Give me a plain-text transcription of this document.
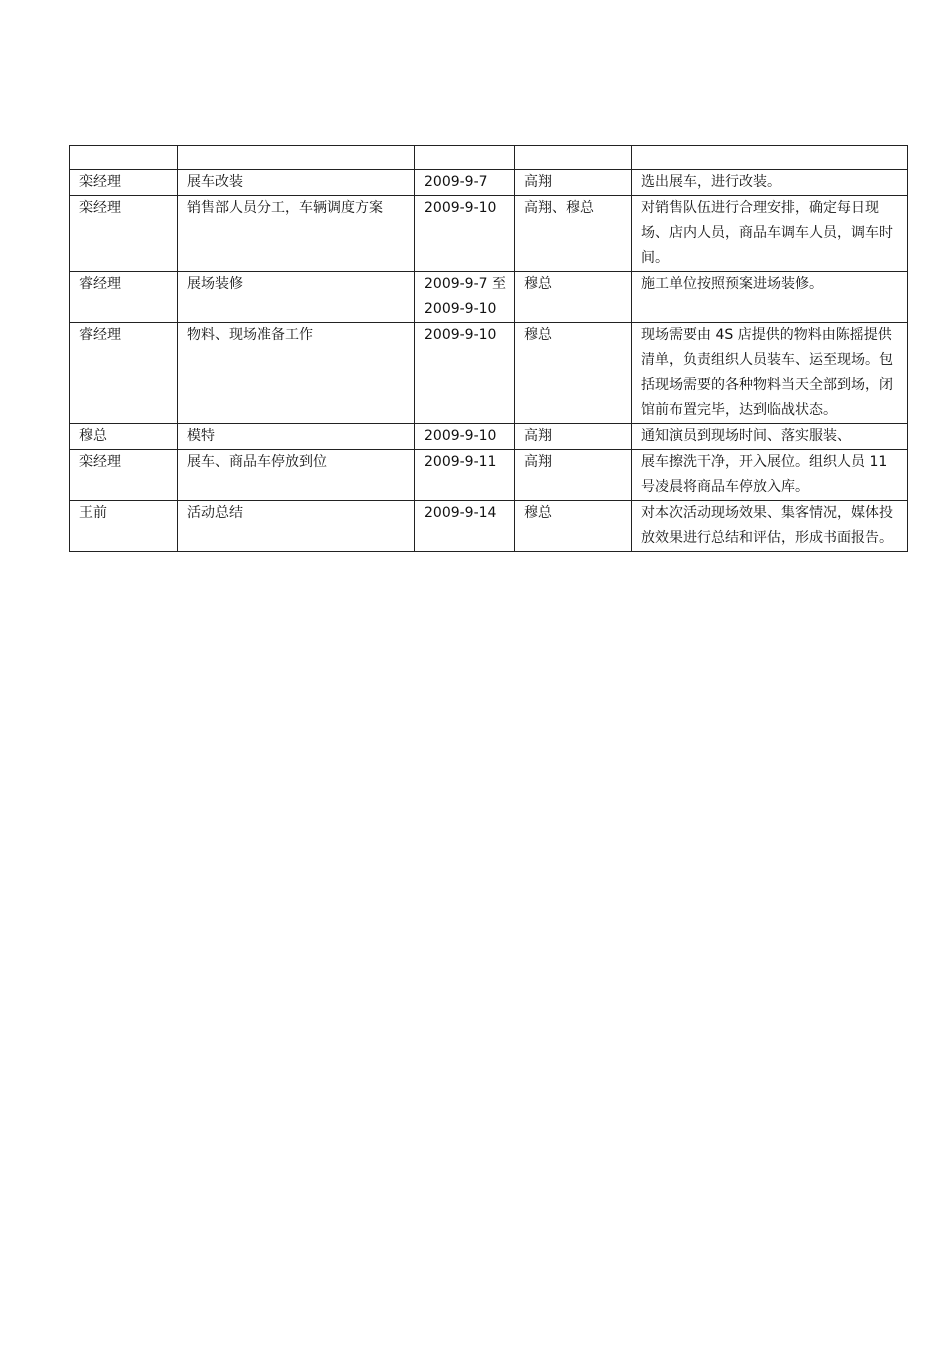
栾经理	展车改装	2009-9-7	高翔	选出展车，进行改装。
栾经理	销售部人员分工，车辆调度方案	2009-9-10	高翔、穆总	对销售队伍进行合理安排，确定每日现场、店内人员，商品车调车人员，调车时间。
睿经理	展场装修	2009-9-7 至 2009-9-10	穆总	施工单位按照预案进场装修。
睿经理	物料、现场准备工作	2009-9-10	穆总	现场需要由 4S 店提供的物料由陈摇提供清单，负责组织人员装车、运至现场。包括现场需要的各种物料当天全部到场，闭馆前布置完毕，达到临战状态。
穆总	模特	2009-9-10	高翔	通知演员到现场时间、落实服装、
栾经理	展车、商品车停放到位	2009-9-11	高翔	展车擦洗干净，开入展位。组织人员 11 号凌晨将商品车停放入库。
王前	活动总结	2009-9-14	穆总	对本次活动现场效果、集客情况，媒体投放效果进行总结和评估，形成书面报告。
